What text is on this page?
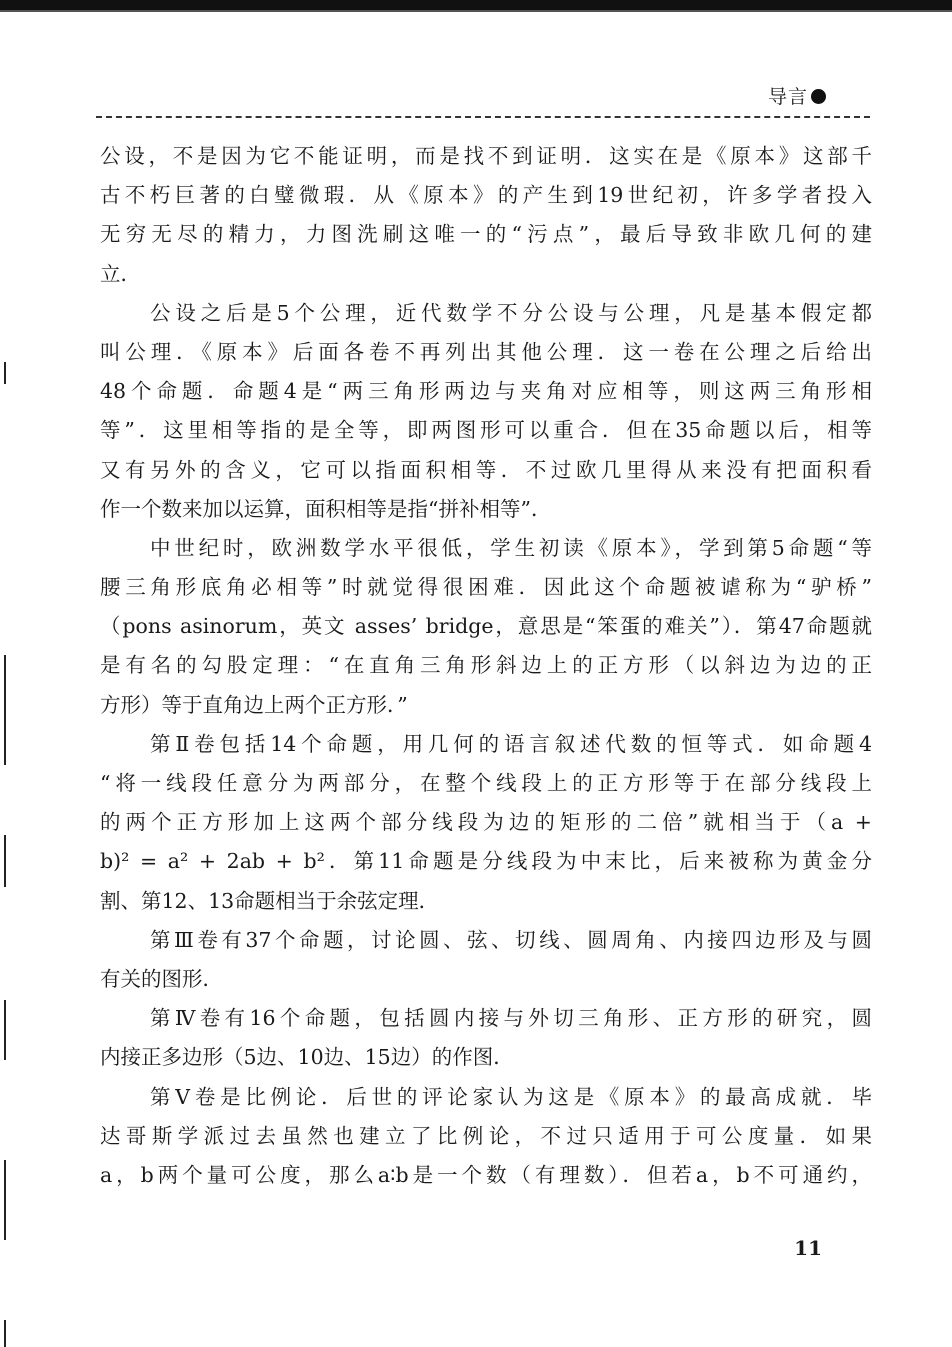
导言
公设，不是因为它不能证明，而是找不到证明．这实在是《原本》这部千
古不朽巨著的白璧微瑕．从《原本》的产生到19世纪初，许多学者投入
无穷无尽的精力，力图洗刷这唯一的“污点”，最后导致非欧几何的建
立．
公设之后是5个公理，近代数学不分公设与公理，凡是基本假定都
叫公理．《原本》后面各卷不再列出其他公理．这一卷在公理之后给出
48个命题．命题4是“两三角形两边与夹角对应相等，则这两三角形相
等”．这里相等指的是全等，即两图形可以重合．但在35命题以后，相等
又有另外的含义，它可以指面积相等．不过欧几里得从来没有把面积看
作一个数来加以运算，面积相等是指“拼补相等”．
中世纪时，欧洲数学水平很低，学生初读《原本》，学到第5命题“等
腰三角形底角必相等”时就觉得很困难．因此这个命题被谑称为“驴桥”
（pons asinorum，英文 asses’ bridge，意思是“笨蛋的难关”）．第47命题就
是有名的勾股定理：“在直角三角形斜边上的正方形（以斜边为边的正
方形）等于直角边上两个正方形．”
第Ⅱ卷包括14个命题，用几何的语言叙述代数的恒等式．如命题4
“将一线段任意分为两部分，在整个线段上的正方形等于在部分线段上
的两个正方形加上这两个部分线段为边的矩形的二倍”就相当于（a +
b)² = a² + 2ab + b²．第11命题是分线段为中末比，后来被称为黄金分
割、第12、13命题相当于余弦定理．
第Ⅲ卷有37个命题，讨论圆、弦、切线、圆周角、内接四边形及与圆
有关的图形．
第Ⅳ卷有16个命题，包括圆内接与外切三角形、正方形的研究，圆
内接正多边形（5边、10边、15边）的作图．
第Ⅴ卷是比例论．后世的评论家认为这是《原本》的最高成就．毕
达哥斯学派过去虽然也建立了比例论，不过只适用于可公度量．如果
a，b两个量可公度，那么a∶b是一个数（有理数）．但若a，b不可通约，
11
